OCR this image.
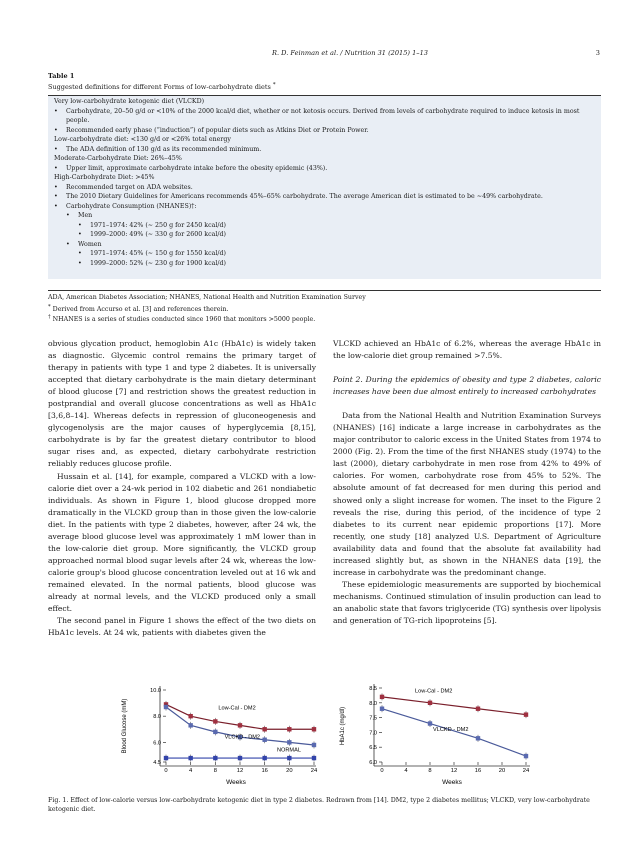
R. D. Feinman et al. / Nutrition 31 (2015) 1–13	3
Table 1
Suggested definitions for different Forms of low-carbohydrate diets *
Very low-carbohydrate ketogenic diet (VLCKD)
• Carbohydrate, 20–50 g/d or <10% of the 2000 kcal/d diet, whether or not ketosis occurs. Derived from levels of carbohydrate required to induce ketosis in most people.
• Recommended early phase (“induction”) of popular diets such as Atkins Diet or Protein Power.
Low-carbohydrate diet: <130 g/d or <26% total energy
• The ADA definition of 130 g/d as its recommended minimum.
Moderate-Carbohydrate Diet: 26%–45%
• Upper limit, approximate carbohydrate intake before the obesity epidemic (43%).
High-Carbohydrate Diet: >45%
• Recommended target on ADA websites.
• The 2010 Dietary Guidelines for Americans recommends 45%–65% carbohydrate. The average American diet is estimated to be ∼49% carbohydrate.
• Carbohydrate Consumption (NHANES)†:
• Men
• 1971–1974: 42% (∼ 250 g for 2450 kcal/d)
• 1999–2000: 49% (∼ 330 g for 2600 kcal/d)
• Women
• 1971–1974: 45% (∼ 150 g for 1550 kcal/d)
• 1999–2000: 52% (∼ 230 g for 1900 kcal/d)
ADA, American Diabetes Association; NHANES, National Health and Nutrition Examination Survey
* Derived from Accurso et al. [3] and references therein.
† NHANES is a series of studies conducted since 1960 that monitors >5000 people.

obvious glycation product, hemoglobin A1c (HbA1c) is widely taken as diagnostic. Glycemic control remains the primary target of therapy in patients with type 1 and type 2 diabetes. It is universally accepted that dietary carbohydrate is the main dietary determinant of blood glucose [7] and restriction shows the greatest reduction in postprandial and overall glucose concentrations as well as HbA1c [3,6,8–14]. Whereas defects in repression of gluconeogenesis and glycogenolysis are the major causes of hyperglycemia [8,15], carbohydrate is by far the greatest dietary contributor to blood sugar rises and, as expected, dietary carbohydrate restriction reliably reduces glucose profile.

Hussain et al. [14], for example, compared a VLCKD with a low-calorie diet over a 24-wk period in 102 diabetic and 261 nondiabetic individuals. As shown in Figure 1, blood glucose dropped more dramatically in the VLCKD group than in those given the low-calorie diet. In the patients with type 2 diabetes, however, after 24 wk, the average blood glucose level was approximately 1 mM lower than in the low-calorie diet group. More significantly, the VLCKD group approached normal blood sugar levels after 24 wk, whereas the low-calorie group's blood glucose concentration leveled out at 16 wk and remained elevated. In the normal patients, blood glucose was already at normal levels, and the VLCKD produced only a small effect.

The second panel in Figure 1 shows the effect of the two diets on HbA1c levels. At 24 wk, patients with diabetes given the

VLCKD achieved an HbA1c of 6.2%, whereas the average HbA1c in the low-calorie diet group remained >7.5%.

Point 2. During the epidemics of obesity and type 2 diabetes, caloric increases have been due almost entirely to increased carbohydrates

Data from the National Health and Nutrition Examination Surveys (NHANES) [16] indicate a large increase in carbohydrates as the major contributor to caloric excess in the United States from 1974 to 2000 (Fig. 2). From the time of the first NHANES study (1974) to the last (2000), dietary carbohydrate in men rose from 42% to 49% of calories. For women, carbohydrate rose from 45% to 52%. The absolute amount of fat decreased for men during this period and showed only a slight increase for women. The inset to the Figure 2 reveals the rise, during this period, of the incidence of type 2 diabetes to its current near epidemic proportions [17]. More recently, one study [18] analyzed U.S. Department of Agriculture availability data and found that the absolute fat availability had increased slightly but, as shown in the NHANES data [19], the increase in carbohydrate was the predominant change.

These epidemiologic measurements are supported by biochemical mechanisms. Continued stimulation of insulin production can lead to an anabolic state that favors triglyceride (TG) synthesis over lipolysis and generation of TG-rich lipoproteins [5].

Blood Glucose (mM)
Weeks
4.5
6.0
8.0
10.0
0	4	8	12	16	20	24
Low-Cal - DM2
VLCKD - DM2
NORMAL
HbA1c (mg/dl)
Weeks
6.0
6.5
7.0
7.5
8.0
8.5
0	4	8	12	16	20	24
Low-Cal - DM2
VLCKD - DM2
Fig. 1. Effect of low-calorie versus low-carbohydrate ketogenic diet in type 2 diabetes. Redrawn from [14]. DM2, type 2 diabetes mellitus; VLCKD, very low-carbohydrate ketogenic diet.
